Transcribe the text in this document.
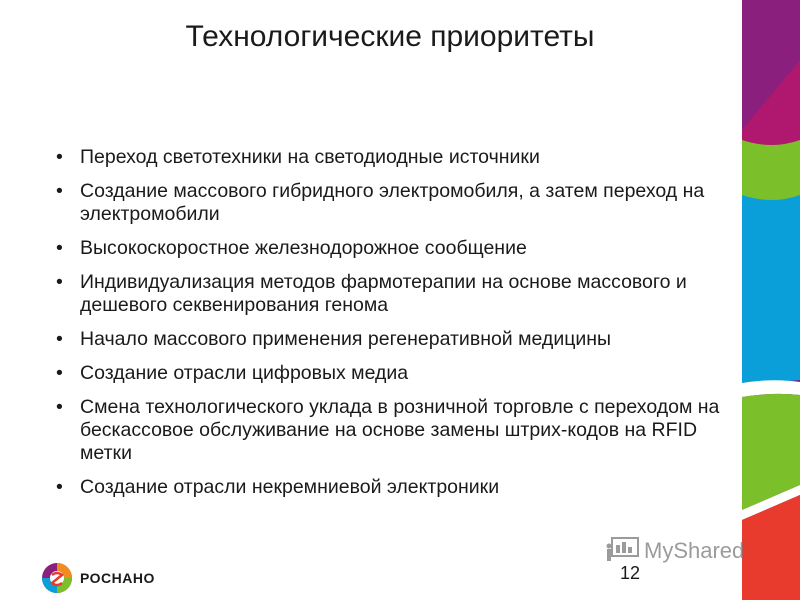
Технологические приоритеты
• Переход светотехники на светодиодные источники
• Создание массового гибридного электромобиля, а затем переход на электромобили
• Высокоскоростное железнодорожное сообщение
• Индивидуализация методов фармотерапии на основе массового и дешевого секвенирования генома
• Начало массового применения регенеративной медицины
• Создание отрасли цифровых медиа
• Смена технологического уклада в розничной торговле с переходом на бескассовое обслуживание на основе замены штрих-кодов на RFID метки
• Создание отрасли некремниевой электроники
РОСНАНО
MyShared
12
